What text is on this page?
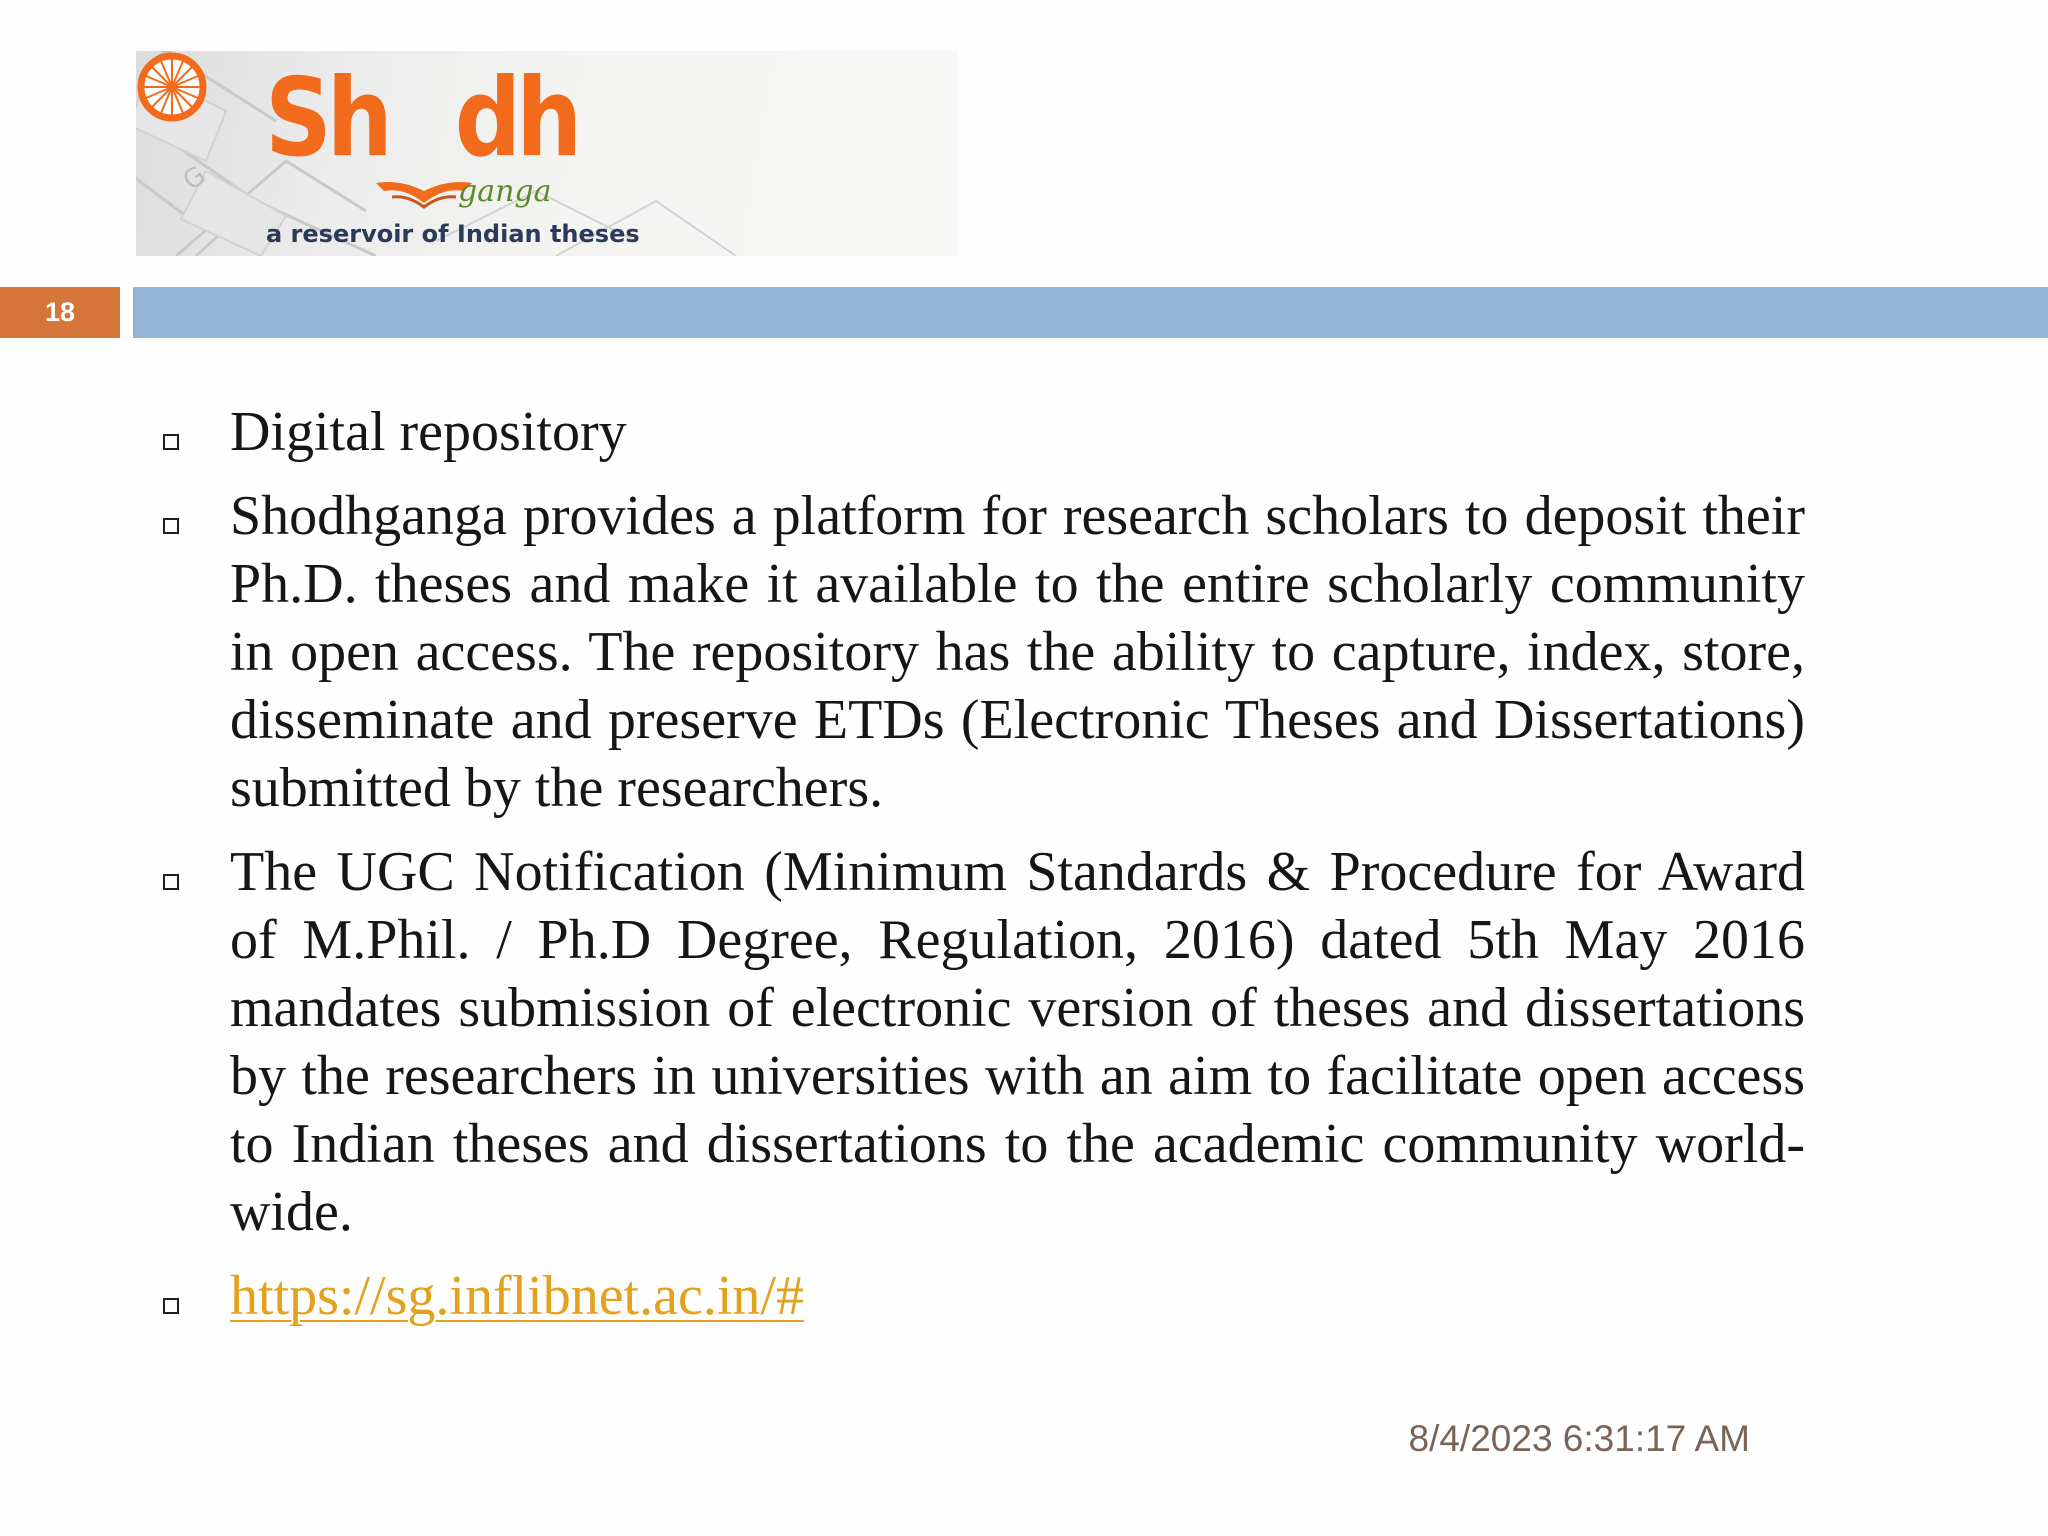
G Sh dh
ganga
a reservoir of Indian theses
18

Digital repository

Shodhganga provides a platform for research scholars to deposit their Ph.D. theses and make it available to the entire scholarly community in open access. The repository has the ability to capture, index, store, disseminate and preserve ETDs (Electronic Theses and Dissertations) submitted by the researchers.

The UGC Notification (Minimum Standards & Procedure for Award of M.Phil. / Ph.D Degree, Regulation, 2016) dated 5th May 2016 mandates submission of electronic version of theses and dissertations by the researchers in universities with an aim to facilitate open access to Indian theses and dissertations to the academic community world-wide.

https://sg.inflibnet.ac.in/#
8/4/2023 6:31:17 AM
